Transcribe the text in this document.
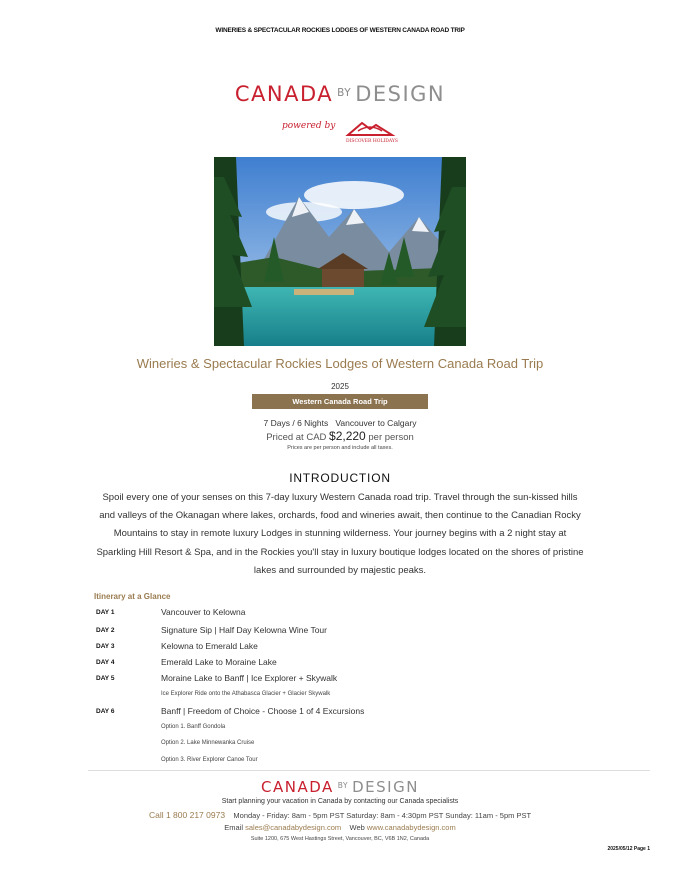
WINERIES & SPECTACULAR ROCKIES LODGES OF WESTERN CANADA ROAD TRIP
CANADA $^{BY}$ DESIGN
powered by
DISCOVER HOLIDAYS
Wineries & Spectacular Rockies Lodges of Western Canada Road Trip
2025
Western Canada Road Trip
7 Days / 6 Nights Vancouver to Calgary
Priced at CAD $2,220 per person
Prices are per person and include all taxes.
INTRODUCTION
Spoil every one of your senses on this 7-day luxury Western Canada road trip. Travel through the sun-kissed hills and valleys of the Okanagan where lakes, orchards, food and wineries await, then continue to the Canadian Rocky Mountains to stay in remote luxury Lodges in stunning wilderness. Your journey begins with a 2 night stay at Sparkling Hill Resort & Spa, and in the Rockies you'll stay in luxury boutique lodges located on the shores of pristine lakes and surrounded by majestic peaks.
Itinerary at a Glance
DAY 1	Vancouver to Kelowna
DAY 2	Signature Sip | Half Day Kelowna Wine Tour
DAY 3	Kelowna to Emerald Lake
DAY 4	Emerald Lake to Moraine Lake
DAY 5	Moraine Lake to Banff | Ice Explorer + Skywalk
Ice Explorer Ride onto the Athabasca Glacier + Glacier Skywalk
DAY 6	Banff | Freedom of Choice - Choose 1 of 4 Excursions
Option 1. Banff Gondola
Option 2. Lake Minnewanka Cruise
Option 3. River Explorer Canoe Tour
CANADA $^{BY}$ DESIGN
Start planning your vacation in Canada by contacting our Canada specialists
Call 1 800 217 0973 Monday - Friday: 8am - 5pm PST Saturday: 8am - 4:30pm PST Sunday: 11am - 5pm PST
Email sales@canadabydesign.com Web www.canadabydesign.com
Suite 1200, 675 West Hastings Street, Vancouver, BC, V6B 1N2, Canada
2025/05/12 Page 1
